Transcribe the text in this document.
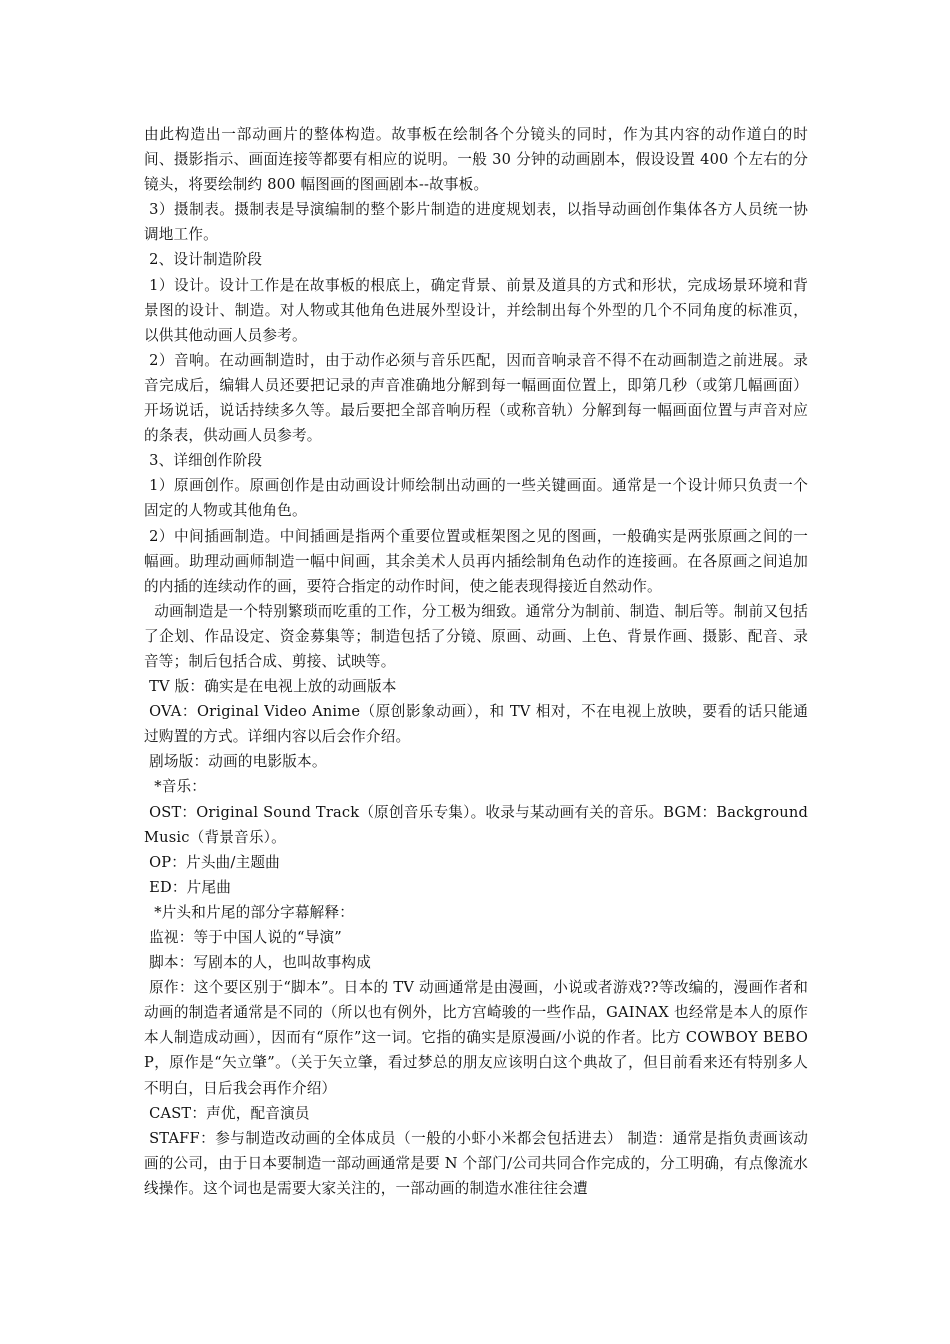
由此构造出一部动画片的整体构造。故事板在绘制各个分镜头的同时，作为其内容的动作道白的时间、摄影指示、画面连接等都要有相应的说明。一般 30 分钟的动画剧本，假设设置 400 个左右的分镜头，将要绘制约 800 幅图画的图画剧本--故事板。

3）摄制表。摄制表是导演编制的整个影片制造的进度规划表，以指导动画创作集体各方人员统一协调地工作。

2、设计制造阶段

1）设计。设计工作是在故事板的根底上，确定背景、前景及道具的方式和形状，完成场景环境和背景图的设计、制造。对人物或其他角色进展外型设计，并绘制出每个外型的几个不同角度的标准页，以供其他动画人员参考。

2）音响。在动画制造时，由于动作必须与音乐匹配，因而音响录音不得不在动画制造之前进展。录音完成后，编辑人员还要把记录的声音准确地分解到每一幅画面位置上，即第几秒（或第几幅画面）开场说话，说话持续多久等。最后要把全部音响历程（或称音轨）分解到每一幅画面位置与声音对应的条表，供动画人员参考。

3、详细创作阶段

1）原画创作。原画创作是由动画设计师绘制出动画的一些关键画面。通常是一个设计师只负责一个固定的人物或其他角色。

2）中间插画制造。中间插画是指两个重要位置或框架图之见的图画，一般确实是两张原画之间的一幅画。助理动画师制造一幅中间画，其余美术人员再内插绘制角色动作的连接画。在各原画之间追加的内插的连续动作的画，要符合指定的动作时间，使之能表现得接近自然动作。

动画制造是一个特别繁琐而吃重的工作，分工极为细致。通常分为制前、制造、制后等。制前又包括了企划、作品设定、资金募集等；制造包括了分镜、原画、动画、上色、背景作画、摄影、配音、录音等；制后包括合成、剪接、试映等。

TV 版：确实是在电视上放的动画版本

OVA：Original Video Anime（原创影象动画），和 TV 相对，不在电视上放映，要看的话只能通过购置的方式。详细内容以后会作介绍。

剧场版：动画的电影版本。

*音乐：

OST：Original Sound Track（原创音乐专集）。收录与某动画有关的音乐。BGM：Background Music（背景音乐）。

OP：片头曲/主题曲

ED：片尾曲

*片头和片尾的部分字幕解释：

监视：等于中国人说的“导演”

脚本：写剧本的人，也叫故事构成

原作：这个要区别于“脚本”。日本的 TV 动画通常是由漫画，小说或者游戏??等改编的，漫画作者和动画的制造者通常是不同的（所以也有例外，比方宫崎骏的一些作品，GAINAX 也经常是本人的原作本人制造成动画），因而有“原作”这一词。它指的确实是原漫画/小说的作者。比方 COWBOY BEBOP，原作是“矢立肇”。（关于矢立肇，看过梦总的朋友应该明白这个典故了，但目前看来还有特别多人不明白，日后我会再作介绍）

CAST：声优，配音演员

STAFF：参与制造改动画的全体成员（一般的小虾小米都会包括进去） 制造：通常是指负责画该动画的公司，由于日本要制造一部动画通常是要 N 个部门/公司共同合作完成的，分工明确，有点像流水线操作。这个词也是需要大家关注的，一部动画的制造水准往往会遭
